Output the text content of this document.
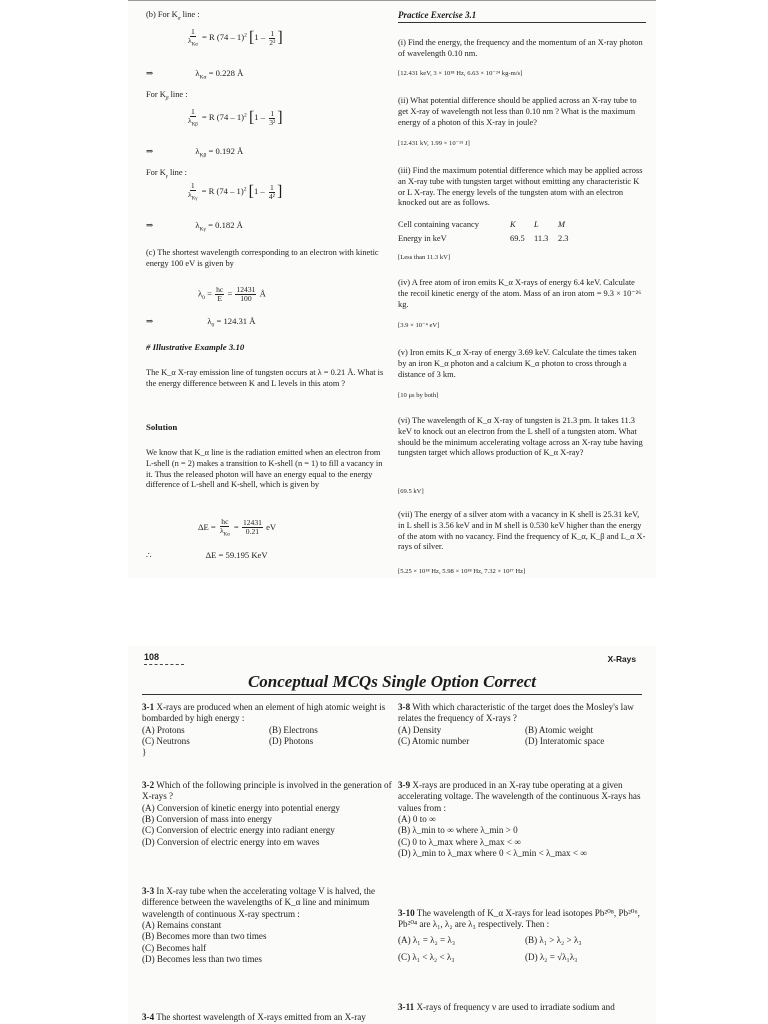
(b) For $K_\alpha$ line :
$\frac{1}{\lambda_{K\alpha}} = R$ (74 – 1)$^2$ [$1 - \frac{1}{\text{2²}}$ ]
⇒	$\lambda_{K\alpha} = 0.228$ Å
For $K_\beta$ line :
$\frac{1}{\lambda_{K\beta}} = R$ (74 – 1)$^2$ [$1 - \frac{1}{\text{3²}}$ ]
⇒	$\lambda_{K\beta} = 0.192$ Å
For $K_\gamma$ line :
$\frac{1}{\lambda_{K\gamma}} = R$ (74 – 1)$^2$ [$1 - \frac{1}{\text{4²}}$ ]
⇒	$\lambda_{K\gamma} = 0.182$ Å
(c) The shortest wavelength corresponding to an electron with kinetic energy 100 eV is given by
$\lambda_0 = \frac{hc}{E} = \frac{12431}{100}$ Å
⇒	$\lambda_0 = 124.31$ Å
# Illustrative Example 3.10
The K_α X-ray emission line of tungsten occurs at λ = 0.21 Å. What is the energy difference between K and L levels in this atom ?
Solution
We know that K_α line is the radiation emitted when an electron from L-shell (n = 2) makes a transition to K-shell (n = 1) to fill a vacancy in it. Thus the released photon will have an energy equal to the energy difference of L-shell and K-shell, which is given by
$\Delta E = \frac{hc}{\lambda_{K\alpha}} = \frac{12431}{0.21}$ eV
∴	ΔE = 59.195 KeV
Practice Exercise 3.1
(i) Find the energy, the frequency and the momentum of an X-ray photon of wavelength 0.10 nm.
[12.431 keV, 3 × 10¹⁸ Hz, 6.63 × 10⁻²⁴ kg-m/s]
(ii) What potential difference should be applied across an X-ray tube to get X-ray of wavelength not less than 0.10 nm ? What is the maximum energy of a photon of this X-ray in joule?
[12.431 kV, 1.99 × 10⁻¹⁵ J]
(iii) Find the maximum potential difference which may be applied across an X-ray tube with tungsten target without emitting any characteristic K or L X-ray. The energy levels of the tungsten atom with an electron knocked out are as follows.
Cell containing vacancy	K	L	M
Energy in keV	69.5	11.3	2.3
[Less than 11.3 kV]
(iv) A free atom of iron emits K_α X-rays of energy 6.4 keV. Calculate the recoil kinetic energy of the atom. Mass of an iron atom = 9.3 × 10⁻²⁶ kg.
[3.9 × 10⁻⁴ eV]
(v) Iron emits K_α X-ray of energy 3.69 keV. Calculate the times taken by an iron K_α photon and a calcium K_α photon to cross through a distance of 3 km.
[10 μs by both]
(vi) The wavelength of K_α X-ray of tungsten is 21.3 pm. It takes 11.3 keV to knock out an electron from the L shell of a tungsten atom. What should be the minimum accelerating voltage across an X-ray tube having tungsten target which allows production of K_α X-ray?
[69.5 kV]
(vii) The energy of a silver atom with a vacancy in K shell is 25.31 keV, in L shell is 3.56 keV and in M shell is 0.530 keV higher than the energy of the atom with no vacancy. Find the frequency of K_α, K_β and L_α X-rays of silver.
[5.25 × 10¹⁸ Hz, 5.98 × 10¹⁸ Hz, 7.32 × 10¹⁷ Hz]
108	X-Rays
Conceptual MCQs Single Option Correct
3-1 X-rays are produced when an element of high atomic weight is bombarded by high energy :
(A) Protons	(B) Electrons
(C) Neutrons	(D) Photons
}
3-2 Which of the following principle is involved in the generation of X-rays ?
(A) Conversion of kinetic energy into potential energy
(B) Conversion of mass into energy
(C) Conversion of electric energy into radiant energy
(D) Conversion of electric energy into em waves
3-3 In X-ray tube when the accelerating voltage V is halved, the difference between the wavelengths of K_α line and minimum wavelength of continuous X-ray spectrum :
(A) Remains constant
(B) Becomes more than two times
(C) Becomes half
(D) Becomes less than two times
3-4 The shortest wavelength of X-rays emitted from an X-ray
3-8 With which characteristic of the target does the Mosley's law relates the frequency of X-rays ?
(A) Density	(B) Atomic weight
(C) Atomic number	(D) Interatomic space
3-9 X-rays are produced in an X-ray tube operating at a given accelerating voltage. The wavelength of the continuous X-rays has values from :
(A) 0 to ∞
(B) λ_min to ∞ where λ_min > 0
(C) 0 to λ_max where λ_max < ∞
(D) λ_min to λ_max where 0 < λ_min < λ_max < ∞
3-10 The wavelength of K_α X-rays for lead isotopes Pb²⁰⁸, Pb²⁰⁶, Pb²⁰⁴ are λ₁, λ₂ are λ₃ respectively. Then :
(A) λ₁ = λ₂ = λ₃	(B) λ₁ > λ₂ > λ₃
(C) λ₁ < λ₂ < λ₃	(D) λ₂ = √λ₁λ₃
3-11 X-rays of frequency ν are used to irradiate sodium and
